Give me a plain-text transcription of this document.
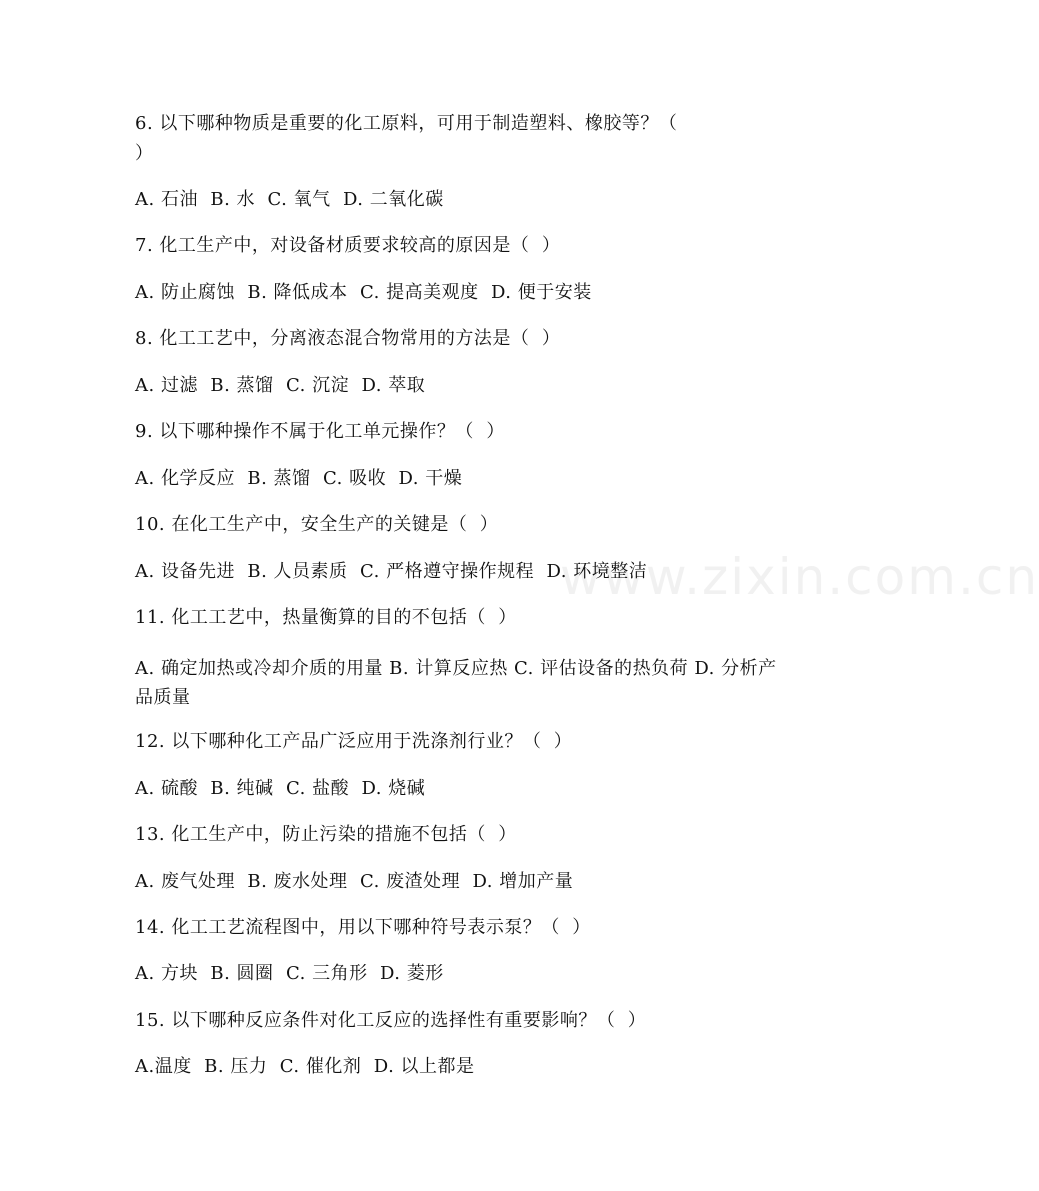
www.zixin.com.cn
6. 以下哪种物质是重要的化工原料，可用于制造塑料、橡胶等？（
）
A. 石油  B. 水  C. 氧气  D. 二氧化碳
7. 化工生产中，对设备材质要求较高的原因是（  ）
A. 防止腐蚀  B. 降低成本  C. 提高美观度  D. 便于安装
8. 化工工艺中，分离液态混合物常用的方法是（  ）
A. 过滤  B. 蒸馏  C. 沉淀  D. 萃取
9. 以下哪种操作不属于化工单元操作？（  ）
A. 化学反应  B. 蒸馏  C. 吸收  D. 干燥
10. 在化工生产中，安全生产的关键是（  ）
A. 设备先进  B. 人员素质  C. 严格遵守操作规程  D. 环境整洁
11. 化工工艺中，热量衡算的目的不包括（  ）
A. 确定加热或冷却介质的用量 B. 计算反应热 C. 评估设备的热负荷 D. 分析产品质量
12. 以下哪种化工产品广泛应用于洗涤剂行业？（  ）
A. 硫酸  B. 纯碱  C. 盐酸  D. 烧碱
13. 化工生产中，防止污染的措施不包括（  ）
A. 废气处理  B. 废水处理  C. 废渣处理  D. 增加产量
14. 化工工艺流程图中，用以下哪种符号表示泵？（  ）
A. 方块  B. 圆圈  C. 三角形  D. 菱形
15. 以下哪种反应条件对化工反应的选择性有重要影响？（  ）
A.温度  B. 压力  C. 催化剂  D. 以上都是
